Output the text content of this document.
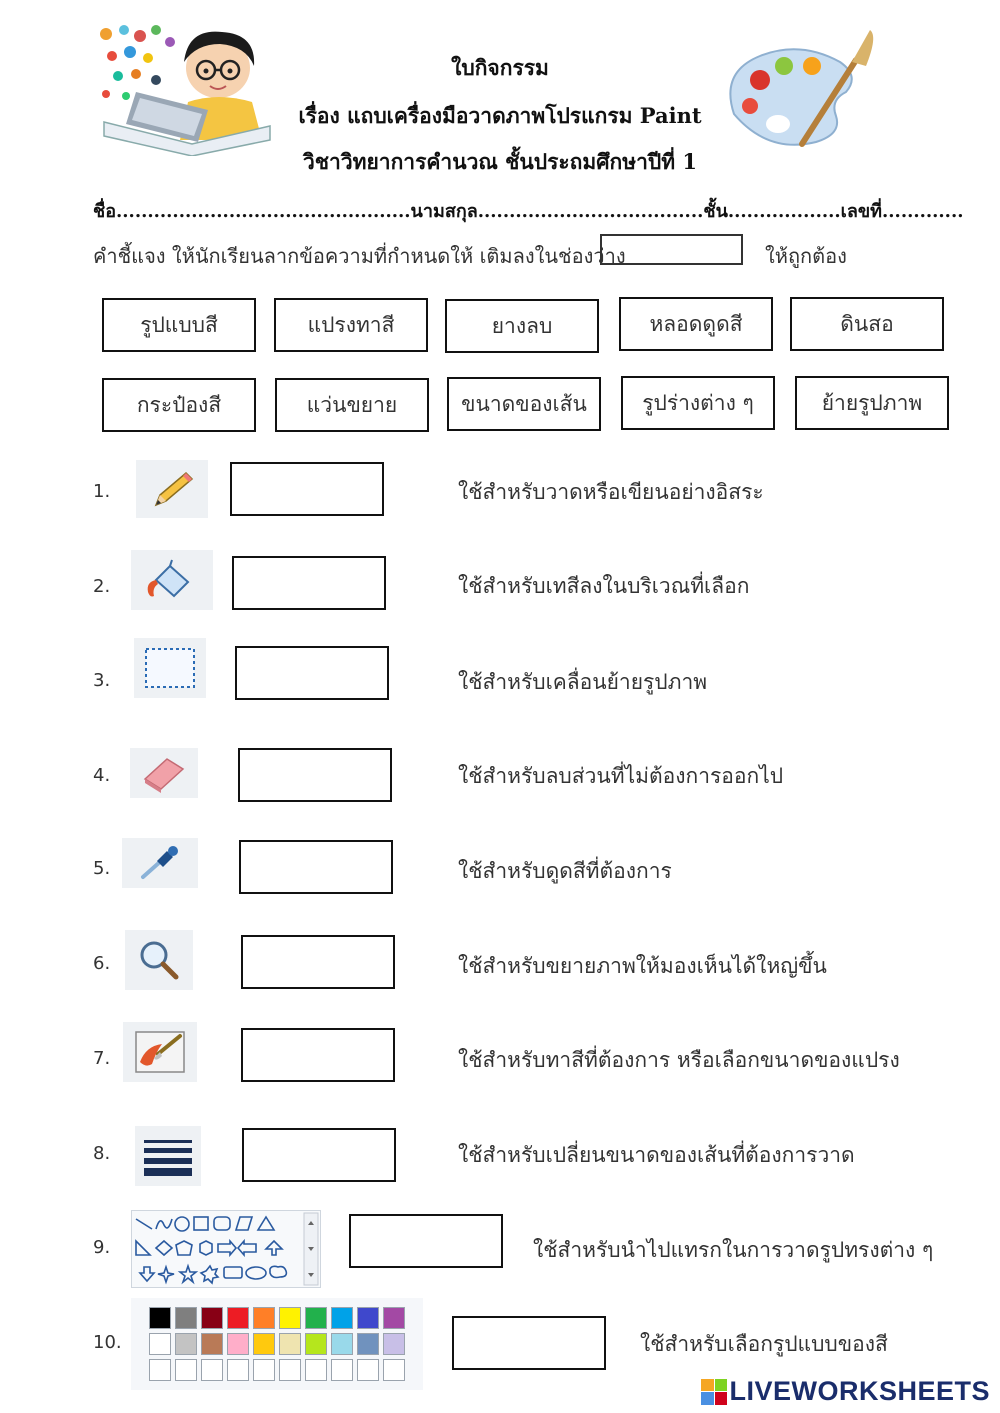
ใบกิจกรรม
เรื่อง แถบเครื่องมือวาดภาพโปรแกรม Paint
วิชาวิทยาการคำนวณ ชั้นประถมศึกษาปีที่ 1
ชื่อ...............................................นามสกุล....................................ชั้น..................เลขที่.............
คำชี้แจง ให้นักเรียนลากข้อความที่กำหนดให้ เติมลงในช่องว่าง	ให้ถูกต้อง
รูปแบบสี	แปรงทาสี	ยางลบ	หลอดดูดสี	ดินสอ
กระป๋องสี	แว่นขยาย	ขนาดของเส้น	รูปร่างต่าง ๆ	ย้ายรูปภาพ
1.	ใช้สำหรับวาดหรือเขียนอย่างอิสระ
2.	ใช้สำหรับเทสีลงในบริเวณที่เลือก
3.	ใช้สำหรับเคลื่อนย้ายรูปภาพ
4.	ใช้สำหรับลบส่วนที่ไม่ต้องการออกไป
5.	ใช้สำหรับดูดสีที่ต้องการ
6.	ใช้สำหรับขยายภาพให้มองเห็นได้ใหญ่ขึ้น
7.	ใช้สำหรับทาสีที่ต้องการ หรือเลือกขนาดของแปรง
8.	ใช้สำหรับเปลี่ยนขนาดของเส้นที่ต้องการวาด
9.	ใช้สำหรับนำไปแทรกในการวาดรูปทรงต่าง ๆ
10.	ใช้สำหรับเลือกรูปแบบของสี
LIVEWORKSHEETS
